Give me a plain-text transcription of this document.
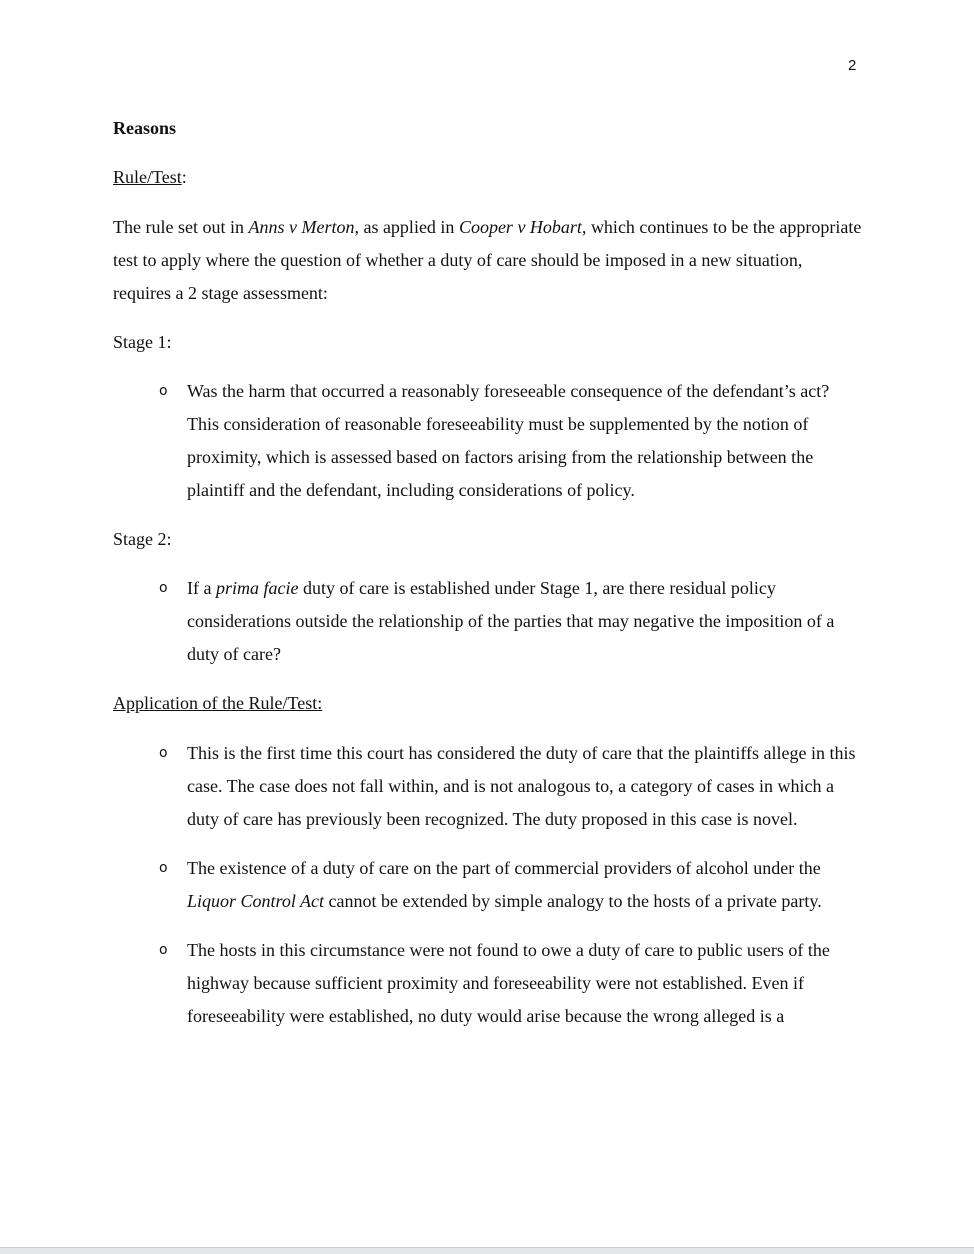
2
Reasons
Rule/Test:

The rule set out in Anns v Merton, as applied in Cooper v Hobart, which continues to be the appropriate test to apply where the question of whether a duty of care should be imposed in a new situation, requires a 2 stage assessment:

Stage 1:
o Was the harm that occurred a reasonably foreseeable consequence of the defendant’s act? This consideration of reasonable foreseeability must be supplemented by the notion of proximity, which is assessed based on factors arising from the relationship between the plaintiff and the defendant, including considerations of policy.
Stage 2:
o If a prima facie duty of care is established under Stage 1, are there residual policy considerations outside the relationship of the parties that may negative the imposition of a duty of care?
Application of the Rule/Test:
o This is the first time this court has considered the duty of care that the plaintiffs allege in this case. The case does not fall within, and is not analogous to, a category of cases in which a duty of care has previously been recognized. The duty proposed in this case is novel.
o The existence of a duty of care on the part of commercial providers of alcohol under the Liquor Control Act cannot be extended by simple analogy to the hosts of a private party.
o The hosts in this circumstance were not found to owe a duty of care to public users of the highway because sufficient proximity and foreseeability were not established. Even if foreseeability were established, no duty would arise because the wrong alleged is a
